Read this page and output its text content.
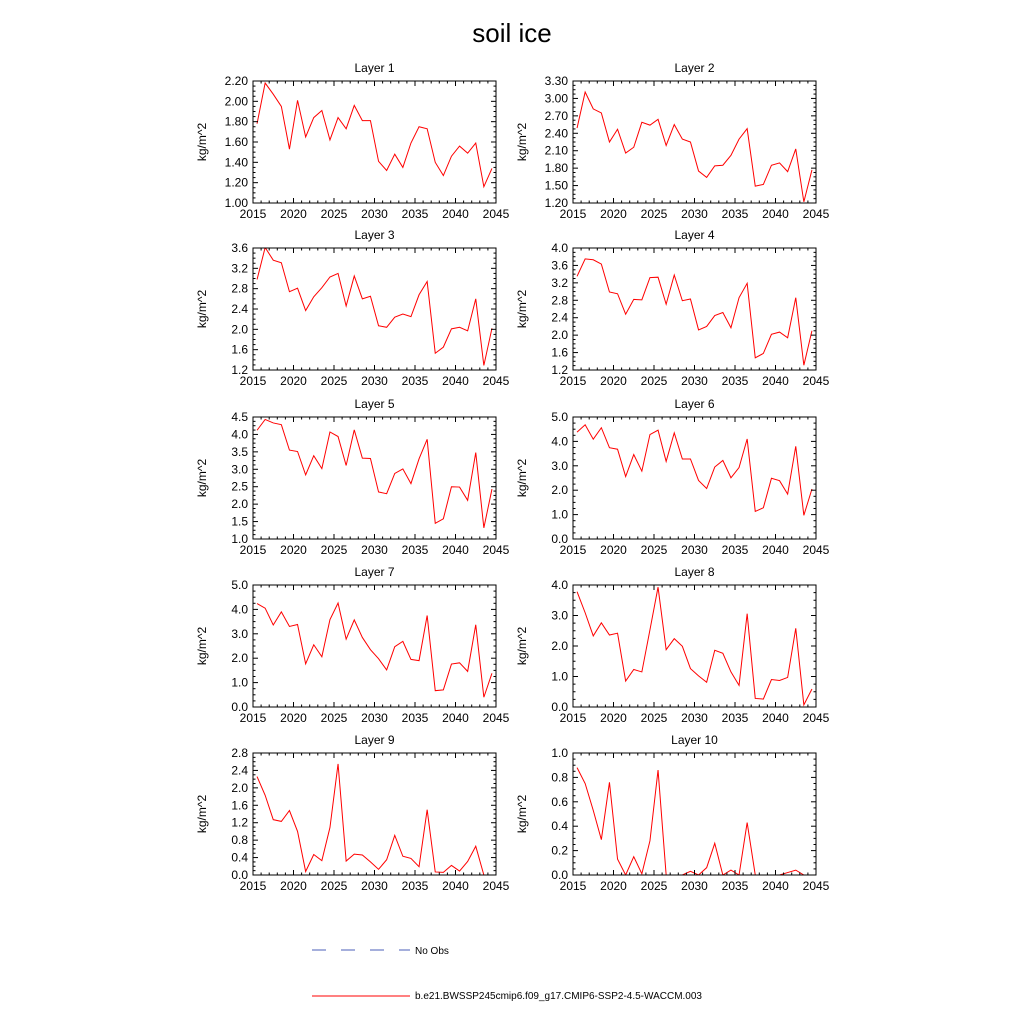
soil ice
Layer 1
kg/m^2
2015 2020 2025 2030 2035 2040 2045
1.00
1.20
1.40
1.60
1.80
2.00
2.20
Layer 2
kg/m^2
2015 2020 2025 2030 2035 2040 2045
1.20
1.50
1.80
2.10
2.40
2.70
3.00
3.30
Layer 3
kg/m^2
2015 2020 2025 2030 2035 2040 2045
1.2
1.6
2.0
2.4
2.8
3.2
3.6
Layer 4
kg/m^2
2015 2020 2025 2030 2035 2040 2045
1.2
1.6
2.0
2.4
2.8
3.2
3.6
4.0
Layer 5
kg/m^2
2015 2020 2025 2030 2035 2040 2045
1.0
1.5
2.0
2.5
3.0
3.5
4.0
4.5
Layer 6
kg/m^2
2015 2020 2025 2030 2035 2040 2045
0.0
1.0
2.0
3.0
4.0
5.0
Layer 7
kg/m^2
2015 2020 2025 2030 2035 2040 2045
0.0
1.0
2.0
3.0
4.0
5.0
Layer 8
kg/m^2
2015 2020 2025 2030 2035 2040 2045
0.0
1.0
2.0
3.0
4.0
Layer 9
kg/m^2
2015 2020 2025 2030 2035 2040 2045
0.0
0.4
0.8
1.2
1.6
2.0
2.4
2.8
Layer 10
kg/m^2
2015 2020 2025 2030 2035 2040 2045
0.0
0.2
0.4
0.6
0.8
1.0
No Obs
b.e21.BWSSP245cmip6.f09_g17.CMIP6-SSP2-4.5-WACCM.003
